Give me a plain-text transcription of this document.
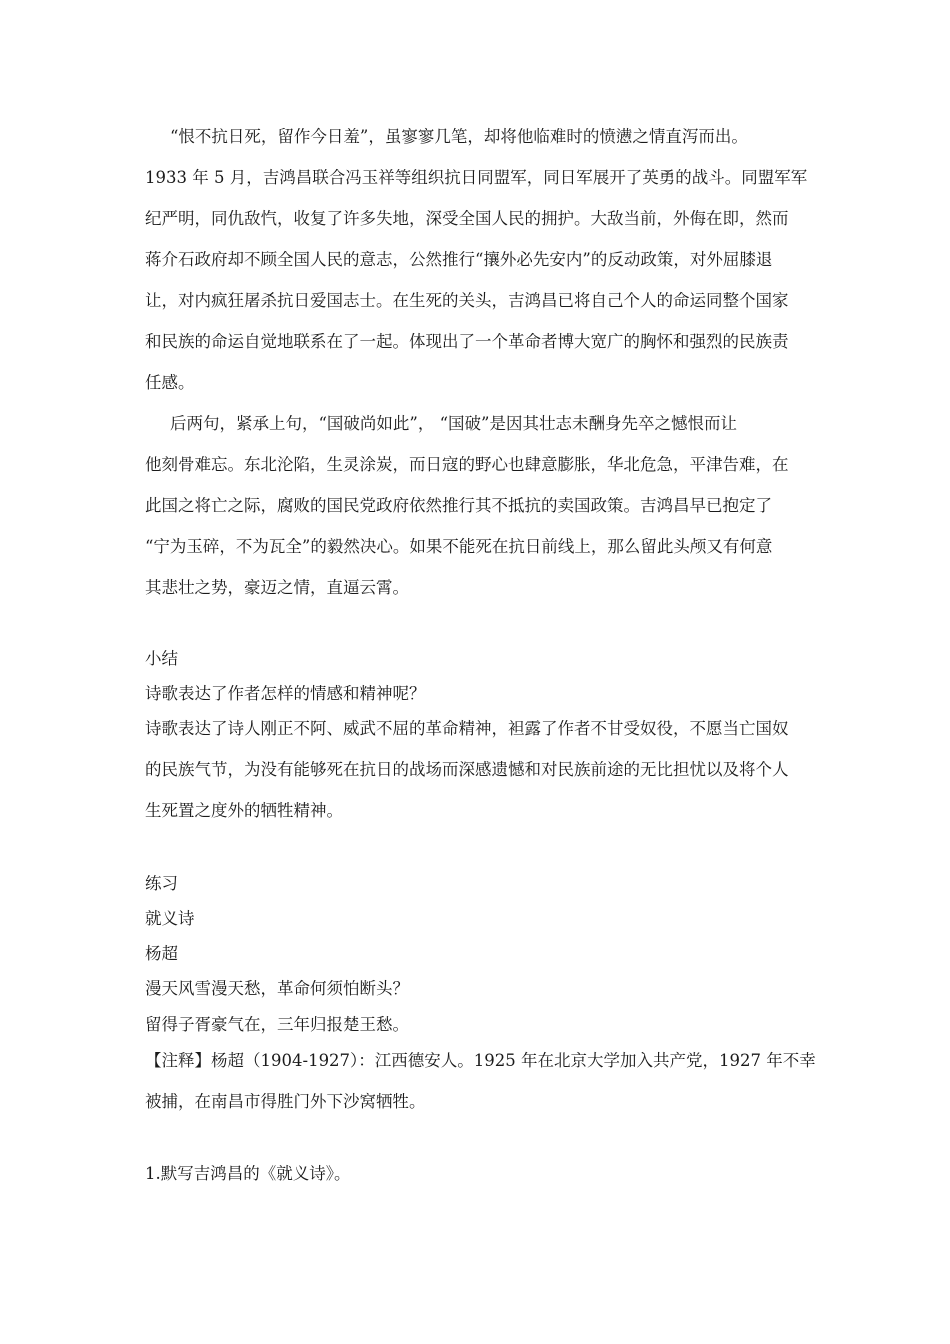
“恨不抗日死，留作今日羞”，虽寥寥几笔，却将他临难时的愤懑之情直泻而出。
1933 年 5 月，吉鸿昌联合冯玉祥等组织抗日同盟军，同日军展开了英勇的战斗。同盟军军
纪严明，同仇敌忾，收复了许多失地，深受全国人民的拥护。大敌当前，外侮在即，然而
蒋介石政府却不顾全国人民的意志，公然推行“攘外必先安内”的反动政策，对外屈膝退
让，对内疯狂屠杀抗日爱国志士。在生死的关头，吉鸿昌已将自己个人的命运同整个国家
和民族的命运自觉地联系在了一起。体现出了一个革命者博大宽广的胸怀和强烈的民族责
任感。
后两句，紧承上句，“国破尚如此”， “国破”是因其壮志未酬身先卒之憾恨而让
他刻骨难忘。东北沦陷，生灵涂炭，而日寇的野心也肆意膨胀，华北危急，平津告难，在
此国之将亡之际，腐败的国民党政府依然推行其不抵抗的卖国政策。吉鸿昌早已抱定了
“宁为玉碎，不为瓦全”的毅然决心。如果不能死在抗日前线上，那么留此头颅又有何意
其悲壮之势，豪迈之情，直逼云霄。
小结
诗歌表达了作者怎样的情感和精神呢？
诗歌表达了诗人刚正不阿、威武不屈的革命精神，袒露了作者不甘受奴役，不愿当亡国奴
的民族气节，为没有能够死在抗日的战场而深感遗憾和对民族前途的无比担忧以及将个人
生死置之度外的牺牲精神。
练习
就义诗
杨超
漫天风雪漫天愁，革命何须怕断头？
留得子胥豪气在，三年归报楚王愁。
【注释】杨超（1904-1927）：江西德安人。1925 年在北京大学加入共产党，1927 年不幸
被捕，在南昌市得胜门外下沙窝牺牲。
1.默写吉鸿昌的《就义诗》。
